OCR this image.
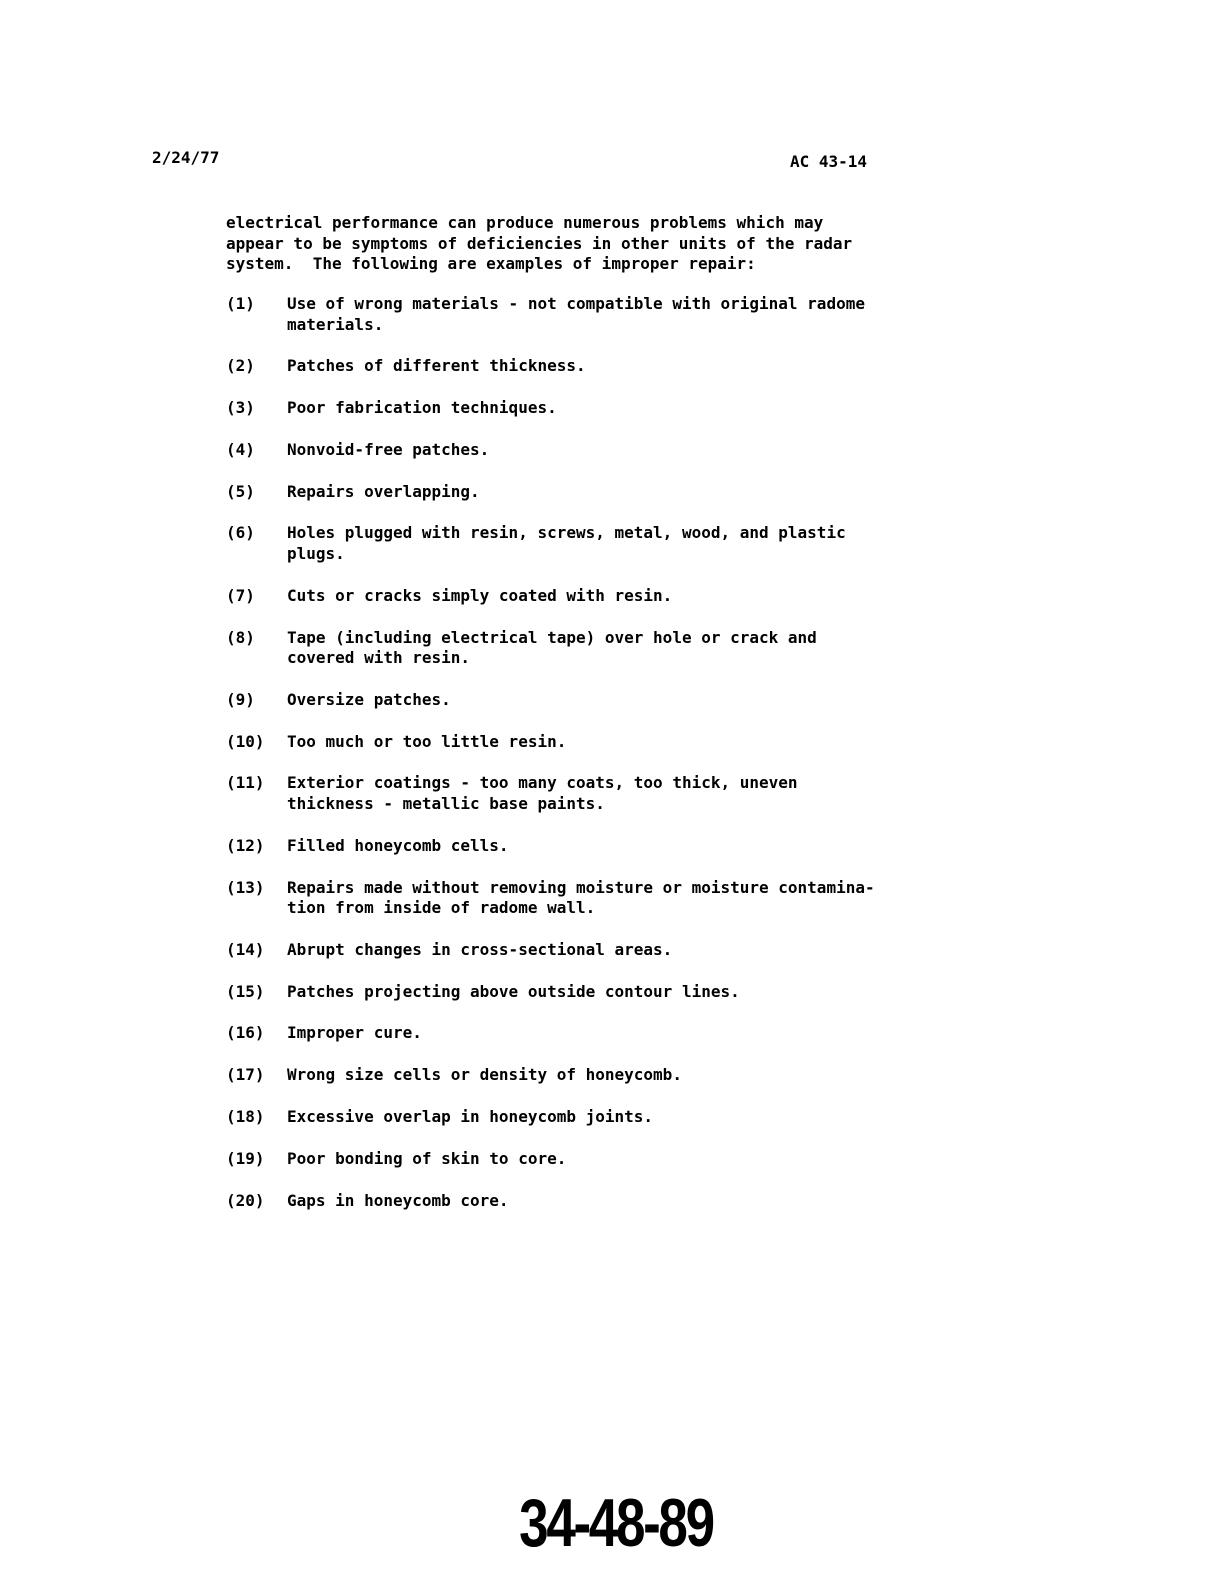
2/24/77	AC 43-14
electrical performance can produce numerous problems which may
appear to be symptoms of deficiencies in other units of the radar
system.  The following are examples of improper repair:
(1)	Use of wrong materials - not compatible with original radome
materials.
(2)	Patches of different thickness.
(3)	Poor fabrication techniques.
(4)	Nonvoid-free patches.
(5)	Repairs overlapping.
(6)	Holes plugged with resin, screws, metal, wood, and plastic
plugs.
(7)	Cuts or cracks simply coated with resin.
(8)	Tape (including electrical tape) over hole or crack and
covered with resin.
(9)	Oversize patches.
(10)	Too much or too little resin.
(11)	Exterior coatings - too many coats, too thick, uneven
thickness - metallic base paints.
(12)	Filled honeycomb cells.
(13)	Repairs made without removing moisture or moisture contamina-
tion from inside of radome wall.
(14)	Abrupt changes in cross-sectional areas.
(15)	Patches projecting above outside contour lines.
(16)	Improper cure.
(17)	Wrong size cells or density of honeycomb.
(18)	Excessive overlap in honeycomb joints.
(19)	Poor bonding of skin to core.
(20)	Gaps in honeycomb core.
34-48-89
